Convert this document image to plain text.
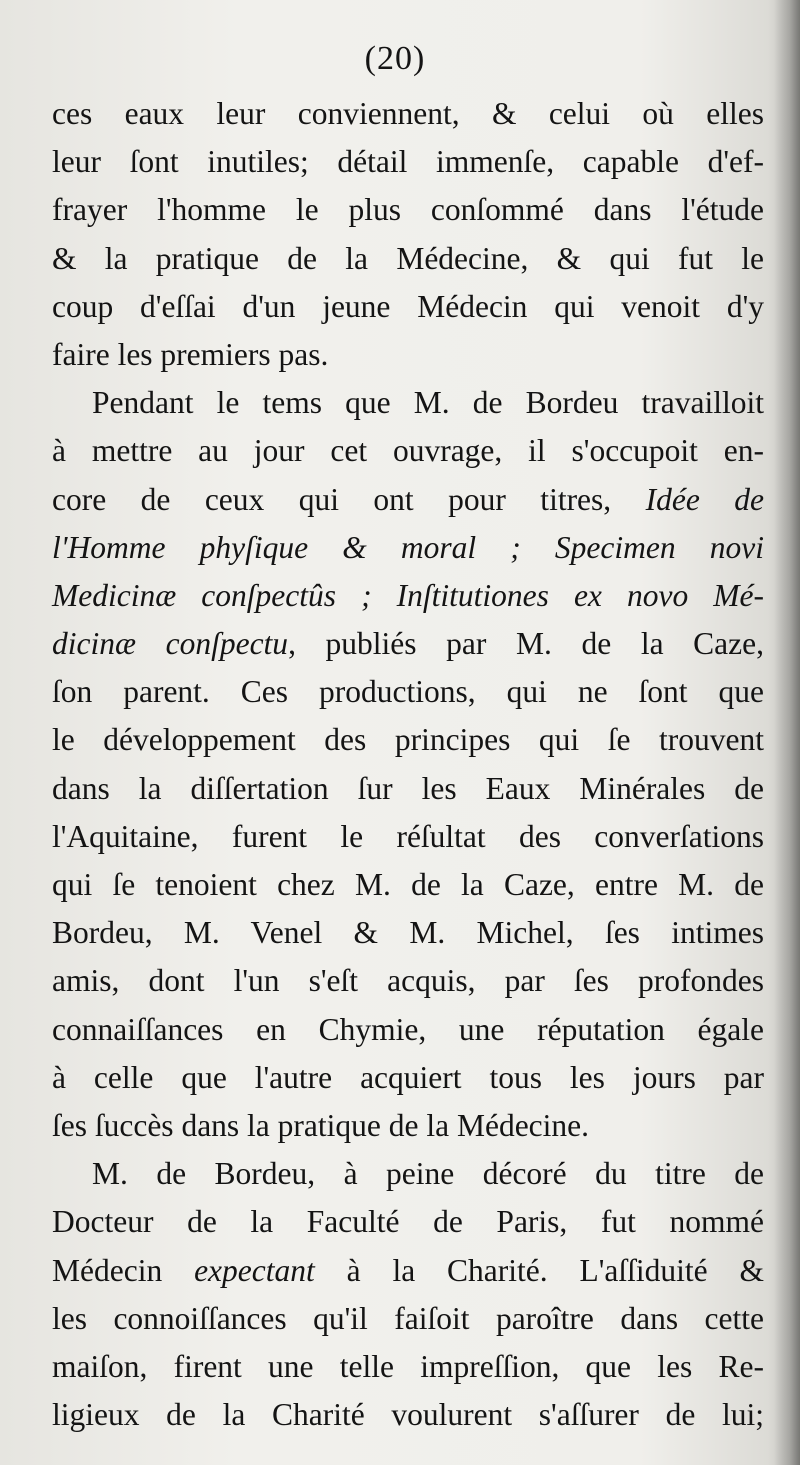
(20)
ces eaux leur conviennent, & celui où elles
leur ſont inutiles; détail immenſe, capable d'ef-
frayer l'homme le plus conſommé dans l'étude
& la pratique de la Médecine, & qui fut le
coup d'eſſai d'un jeune Médecin qui venoit d'y
faire les premiers pas.
Pendant le tems que M. de Bordeu travailloit
à mettre au jour cet ouvrage, il s'occupoit en-
core de ceux qui ont pour titres, Idée de
l'Homme phyſique & moral ; Specimen novi
Medicinæ conſpectûs ; Inſtitutiones ex novo Mé-
dicinæ conſpectu, publiés par M. de la Caze,
ſon parent. Ces productions, qui ne ſont que
le développement des principes qui ſe trouvent
dans la diſſertation ſur les Eaux Minérales de
l'Aquitaine, furent le réſultat des converſations
qui ſe tenoient chez M. de la Caze, entre M. de
Bordeu, M. Venel & M. Michel, ſes intimes
amis, dont l'un s'eſt acquis, par ſes profondes
connaiſſances en Chymie, une réputation égale
à celle que l'autre acquiert tous les jours par
ſes ſuccès dans la pratique de la Médecine.
M. de Bordeu, à peine décoré du titre de
Docteur de la Faculté de Paris, fut nommé
Médecin expectant à la Charité. L'aſſiduité &
les connoiſſances qu'il faiſoit paroître dans cette
maiſon, firent une telle impreſſion, que les Re-
ligieux de la Charité voulurent s'aſſurer de lui;
